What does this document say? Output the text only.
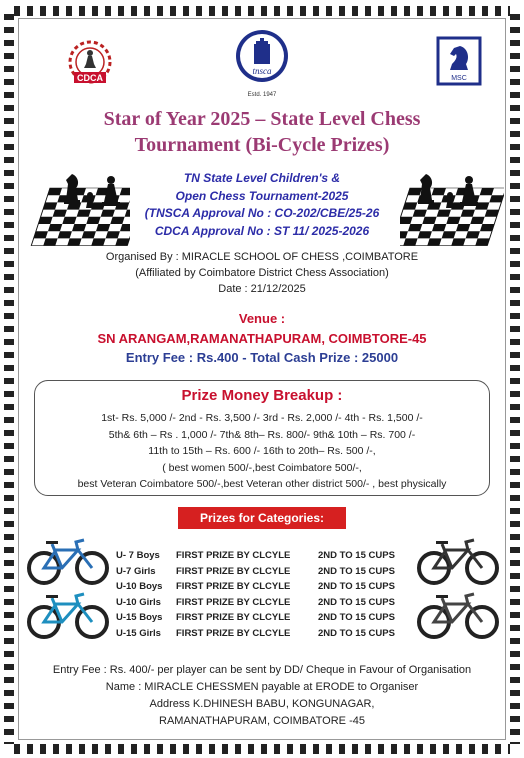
CDCA
tnsca
Estd. 1947
MSC
Star of Year 2025 – State Level Chess
Tournament (Bi-Cycle Prizes)
TN State Level Children's &
Open Chess Tournament-2025
(TNSCA Approval No : CO-202/CBE/25-26
CDCA Approval No : ST 11/ 2025-2026
Organised By : MIRACLE SCHOOL OF CHESS ,COIMBATORE
(Affiliated by Coimbatore District Chess Association)
Date : 21/12/2025
Venue :
SN ARANGAM,RAMANATHAPURAM, COIMBTORE-45
Entry Fee : Rs.400 - Total Cash Prize : 25000
Prize Money Breakup :
1st- Rs. 5,000 /- 2nd - Rs. 3,500 /- 3rd - Rs. 2,000 /- 4th - Rs. 1,500 /-
5th& 6th – Rs . 1,000 /- 7th& 8th– Rs. 800/- 9th& 10th – Rs. 700 /-
11th to 15th – Rs. 600 /- 16th to 20th– Rs. 500 /-,
( best women 500/-,best Coimbatore 500/-,
best Veteran Coimbatore 500/-,best Veteran other district 500/- , best physically
Prizes for Categories:
U- 7 Boys	FIRST PRIZE BY CLCYLE	2ND TO 15 CUPS
U-7 Girls	FIRST PRIZE BY CLCYLE	2ND TO 15 CUPS
U-10 Boys	FIRST PRIZE BY CLCYLE	2ND TO 15 CUPS
U-10 Girls	FIRST PRIZE BY CLCYLE	2ND TO 15 CUPS
U-15 Boys	FIRST PRIZE BY CLCYLE	2ND TO 15 CUPS
U-15 Girls	FIRST PRIZE BY CLCYLE	2ND TO 15 CUPS
Entry Fee : Rs. 400/- per player can be sent by DD/ Cheque in Favour of Organisation
Name : MIRACLE CHESSMEN payable at ERODE to Organiser
Address K.DHINESH BABU, KONGUNAGAR,
RAMANATHAPURAM, COIMBATORE -45
